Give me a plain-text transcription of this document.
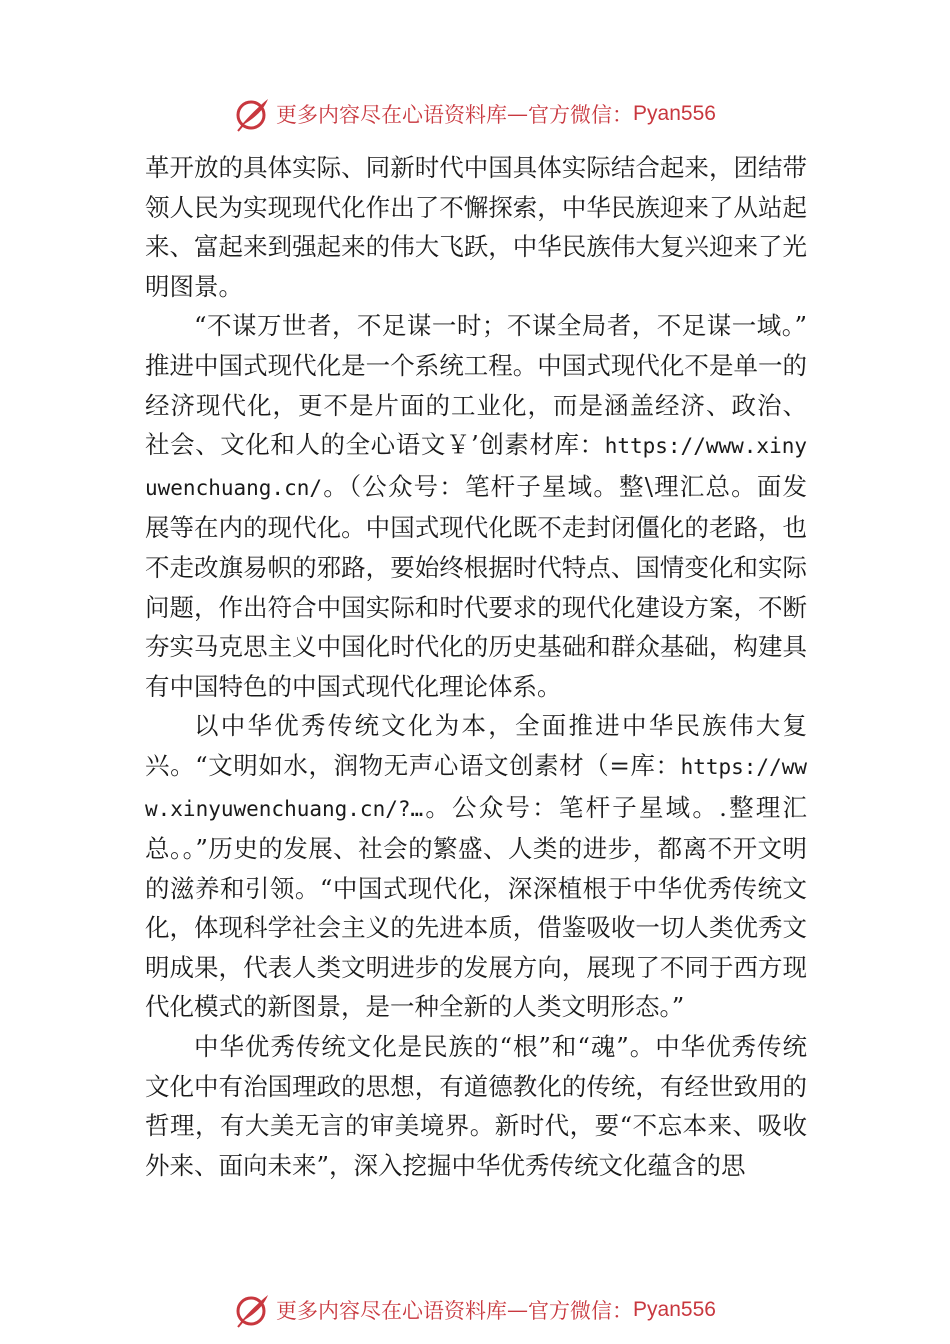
更多内容尽在心语资料库 — 官方微信： Pyan556

革开放的具体实际、同新时代中国具体实际结合起来，团结带领人民为实现现代化作出了不懈探索，中华民族迎来了从站起来、富起来到强起来的伟大飞跃，中华民族伟大复兴迎来了光明图景。

“不谋万世者，不足谋一时；不谋全局者，不足谋一域。” 推进中国式现代化是一个系统工程。中国式现代化不是单一的经济现代化，更不是片面的工业化，而是涵盖经济、政治、 社会、文化和人的全心语文￥’创素材库：https://www.xinyuwenchuang.cn/。（公众号：笔杆子星域。整\理汇总。面发展等在内的现代化。中国式现代化既不走封闭僵化的老路，也不走改旗易帜的邪路，要始终根据时代特点、国情变化和实际问题，作出符合中国实际和时代要求的现代化建设方案，不断夯实马克思主义中国化时代化的历史基础和群众基础，构建具有中国特色的中国式现代化理论体系。

以中华优秀传统文化为本，全面推进中华民族伟大复兴。“文明如水，润物无声心语文创素材（=库：https://www.xinyuwenchuang.cn/?…。公众号：笔杆子星域。.整理汇总。。”历史的发展、社会的繁盛、人类的进步，都离不开文明的滋养和引领。“中国式现代化，深深植根于中华优秀传统文化，体现科学社会主义的先进本质，借鉴吸收一切人类优秀文明成果，代表人类文明进步的发展方向，展现了不同于西方现代化模式的新图景，是一种全新的人类文明形态。”

中华优秀传统文化是民族的“根”和“魂”。中华优秀传统文化中有治国理政的思想，有道德教化的传统，有经世致用的哲理，有大美无言的审美境界。新时代，要“不忘本来、吸收外来、面向未来”，深入挖掘中华优秀传统文化蕴含的思

更多内容尽在心语资料库 — 官方微信： Pyan556
